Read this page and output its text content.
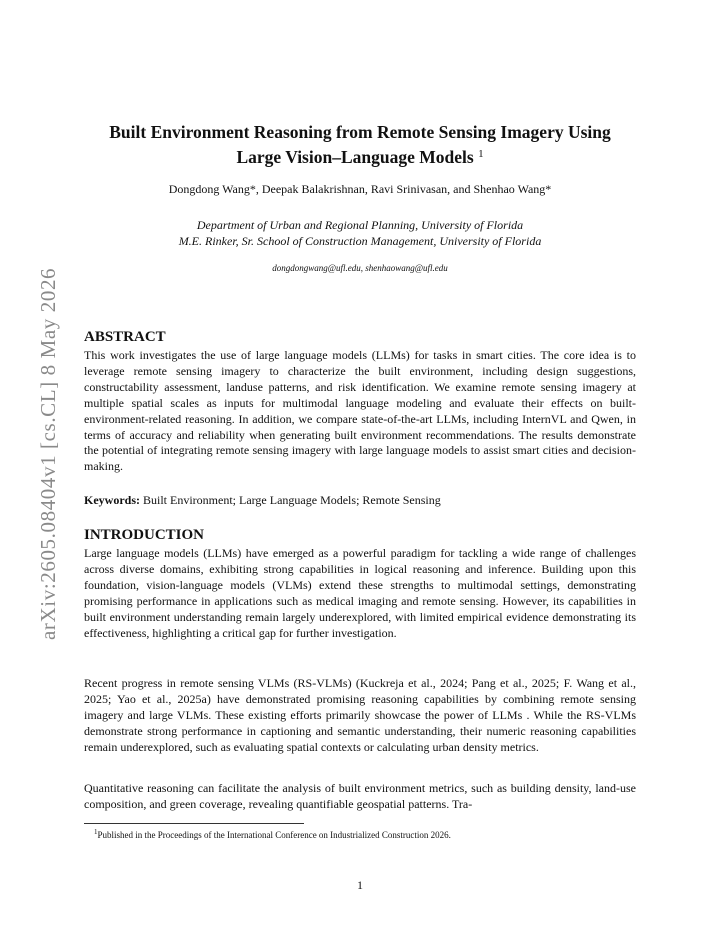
arXiv:2605.08404v1 [cs.CL] 8 May 2026
Built Environment Reasoning from Remote Sensing Imagery Using
Large Vision–Language Models $^1$
Dongdong Wang*, Deepak Balakrishnan, Ravi Srinivasan, and Shenhao Wang*
Department of Urban and Regional Planning, University of Florida
M.E. Rinker, Sr. School of Construction Management, University of Florida
dongdongwang@ufl.edu, shenhaowang@ufl.edu
ABSTRACT

This work investigates the use of large language models (LLMs) for tasks in smart cities. The core idea is to leverage remote sensing imagery to characterize the built environment, including design suggestions, constructability assessment, landuse patterns, and risk identification. We examine remote sensing imagery at multiple spatial scales as inputs for multimodal language modeling and evaluate their effects on built-environment-related reasoning. In addition, we compare state-of-the-art LLMs, including InternVL and Qwen, in terms of accuracy and reliability when generating built environment recommendations. The results demonstrate the potential of integrating remote sensing imagery with large language models to assist smart cities and decision-making.

Keywords: Built Environment; Large Language Models; Remote Sensing
INTRODUCTION

Large language models (LLMs) have emerged as a powerful paradigm for tackling a wide range of challenges across diverse domains, exhibiting strong capabilities in logical reasoning and inference. Building upon this foundation, vision-language models (VLMs) extend these strengths to multimodal settings, demonstrating promising performance in applications such as medical imaging and remote sensing. However, its capabilities in built environment understanding remain largely underexplored, with limited empirical evidence demonstrating its effectiveness, highlighting a critical gap for further investigation.

Recent progress in remote sensing VLMs (RS-VLMs) (Kuckreja et al., 2024; Pang et al., 2025; F. Wang et al., 2025; Yao et al., 2025a) have demonstrated promising reasoning capabilities by combining remote sensing imagery and large VLMs. These existing efforts primarily showcase the power of LLMs . While the RS-VLMs demonstrate strong performance in captioning and semantic understanding, their numeric reasoning capabilities remain underexplored, such as evaluating spatial contexts or calculating urban density metrics.

Quantitative reasoning can facilitate the analysis of built environment metrics, such as building density, land-use composition, and green coverage, revealing quantifiable geospatial patterns. Tra-

$^1$Published in the Proceedings of the International Conference on Industrialized Construction 2026.
1
